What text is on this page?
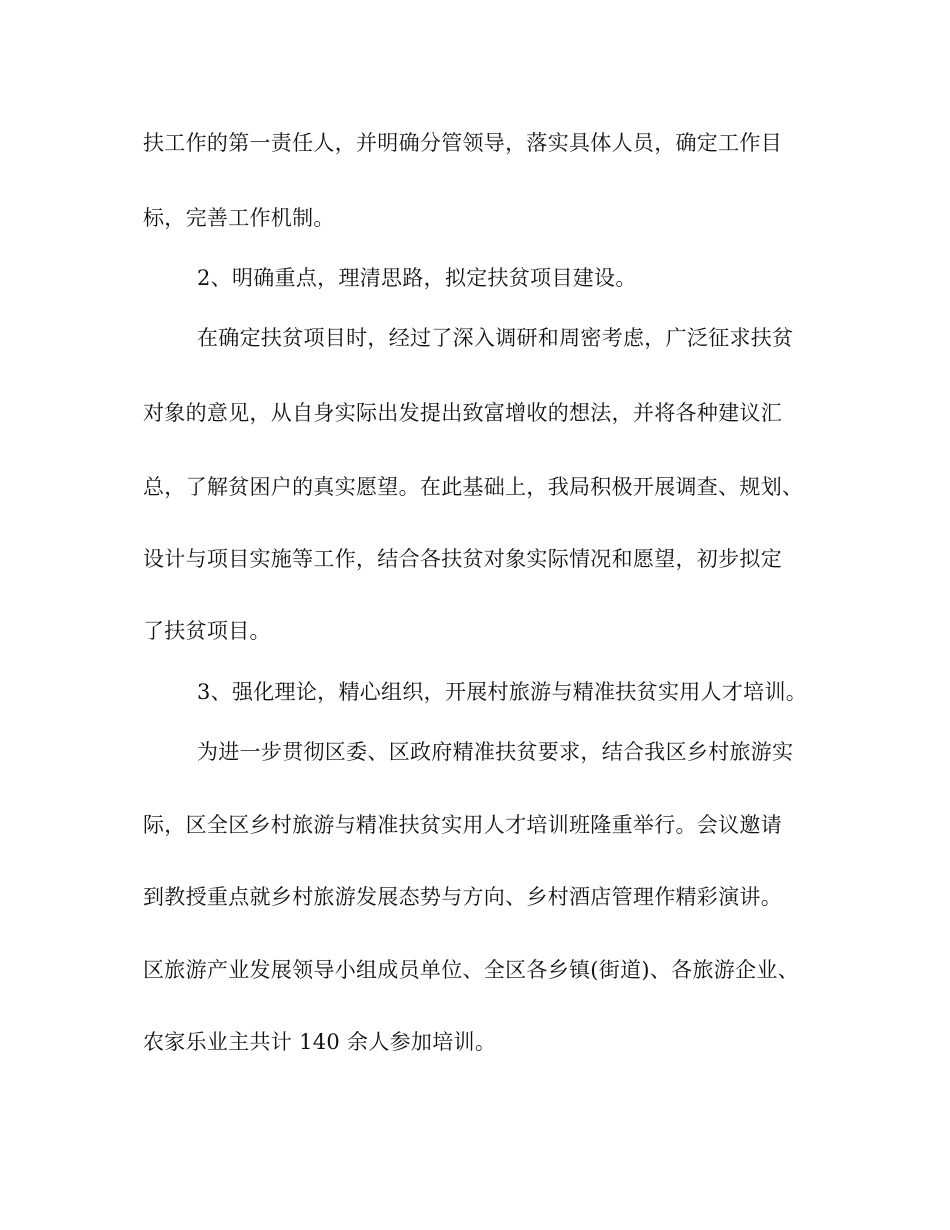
扶工作的第一责任人，并明确分管领导，落实具体人员，确定工作目
标，完善工作机制。
2、明确重点，理清思路，拟定扶贫项目建设。
在确定扶贫项目时，经过了深入调研和周密考虑，广泛征求扶贫
对象的意见，从自身实际出发提出致富增收的想法，并将各种建议汇
总，了解贫困户的真实愿望。在此基础上，我局积极开展调查、规划、
设计与项目实施等工作，结合各扶贫对象实际情况和愿望，初步拟定
了扶贫项目。
3、强化理论，精心组织，开展村旅游与精准扶贫实用人才培训。
为进一步贯彻区委、区政府精准扶贫要求，结合我区乡村旅游实
际，区全区乡村旅游与精准扶贫实用人才培训班隆重举行。会议邀请
到教授重点就乡村旅游发展态势与方向、乡村酒店管理作精彩演讲。
区旅游产业发展领导小组成员单位、全区各乡镇(街道)、各旅游企业、
农家乐业主共计 140 余人参加培训。
